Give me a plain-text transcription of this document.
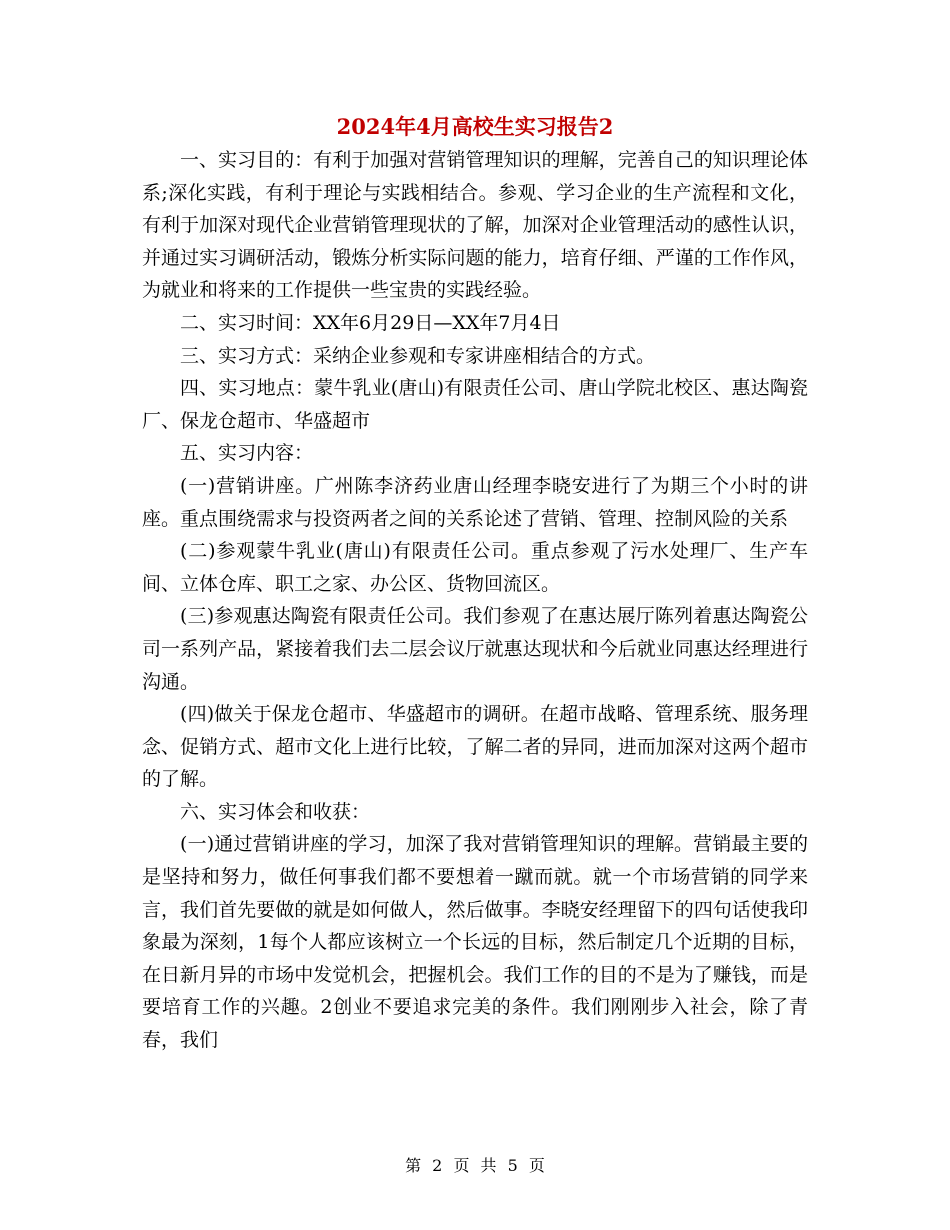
2024年4月高校生实习报告2

一、实习目的：有利于加强对营销管理知识的理解，完善自己的知识理论体系;深化实践，有利于理论与实践相结合。参观、学习企业的生产流程和文化，有利于加深对现代企业营销管理现状的了解，加深对企业管理活动的感性认识，并通过实习调研活动，锻炼分析实际问题的能力，培育仔细、严谨的工作作风，为就业和将来的工作提供一些宝贵的实践经验。

二、实习时间：XX年6月29日—XX年7月4日

三、实习方式：采纳企业参观和专家讲座相结合的方式。

四、实习地点：蒙牛乳业(唐山)有限责任公司、唐山学院北校区、惠达陶瓷厂、保龙仓超市、华盛超市

五、实习内容：

(一)营销讲座。广州陈李济药业唐山经理李晓安进行了为期三个小时的讲座。重点围绕需求与投资两者之间的关系论述了营销、管理、控制风险的关系

(二)参观蒙牛乳业(唐山)有限责任公司。重点参观了污水处理厂、生产车间、立体仓库、职工之家、办公区、货物回流区。

(三)参观惠达陶瓷有限责任公司。我们参观了在惠达展厅陈列着惠达陶瓷公司一系列产品，紧接着我们去二层会议厅就惠达现状和今后就业同惠达经理进行沟通。

(四)做关于保龙仓超市、华盛超市的调研。在超市战略、管理系统、服务理念、促销方式、超市文化上进行比较，了解二者的异同，进而加深对这两个超市的了解。

六、实习体会和收获：

(一)通过营销讲座的学习，加深了我对营销管理知识的理解。营销最主要的是坚持和努力，做任何事我们都不要想着一蹴而就。就一个市场营销的同学来言，我们首先要做的就是如何做人，然后做事。李晓安经理留下的四句话使我印象最为深刻，1每个人都应该树立一个长远的目标，然后制定几个近期的目标，在日新月异的市场中发觉机会，把握机会。我们工作的目的不是为了赚钱，而是要培育工作的兴趣。2创业不要追求完美的条件。我们刚刚步入社会，除了青春，我们

第 2 页 共 5 页
